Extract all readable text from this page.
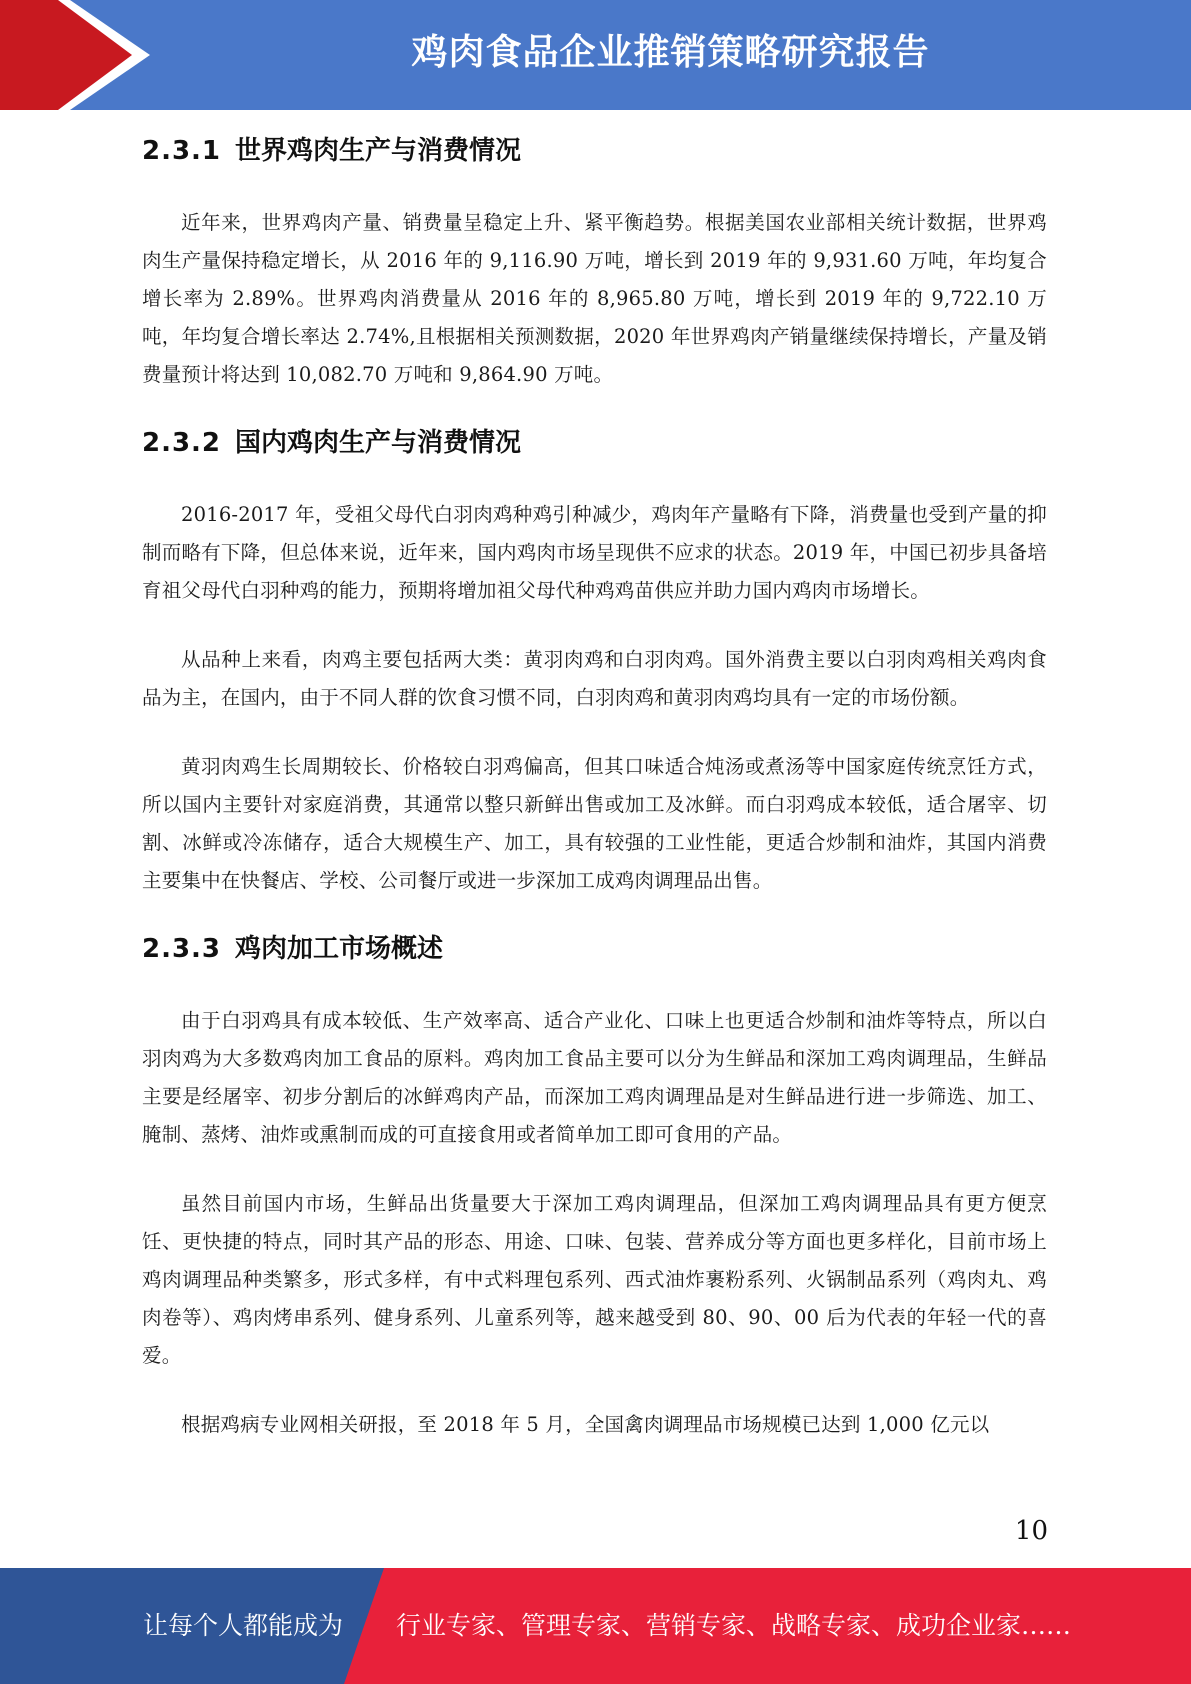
鸡肉食品企业推销策略研究报告
2.3.1 世界鸡肉生产与消费情况

近年来，世界鸡肉产量、销费量呈稳定上升、紧平衡趋势。根据美国农业部相关统计数据，世界鸡肉生产量保持稳定增长，从 2016 年的 9,116.90 万吨，增长到 2019 年的 9,931.60 万吨，年均复合增长率为 2.89%。世界鸡肉消费量从 2016 年的 8,965.80 万吨，增长到 2019 年的 9,722.10 万吨，年均复合增长率达 2.74%,且根据相关预测数据，2020 年世界鸡肉产销量继续保持增长，产量及销费量预计将达到 10,082.70 万吨和 9,864.90 万吨。

2.3.2 国内鸡肉生产与消费情况

2016-2017 年，受祖父母代白羽肉鸡种鸡引种减少，鸡肉年产量略有下降，消费量也受到产量的抑制而略有下降，但总体来说，近年来，国内鸡肉市场呈现供不应求的状态。2019 年，中国已初步具备培育祖父母代白羽种鸡的能力，预期将增加祖父母代种鸡鸡苗供应并助力国内鸡肉市场增长。

从品种上来看，肉鸡主要包括两大类：黄羽肉鸡和白羽肉鸡。国外消费主要以白羽肉鸡相关鸡肉食品为主，在国内，由于不同人群的饮食习惯不同，白羽肉鸡和黄羽肉鸡均具有一定的市场份额。

黄羽肉鸡生长周期较长、价格较白羽鸡偏高，但其口味适合炖汤或煮汤等中国家庭传统烹饪方式，所以国内主要针对家庭消费，其通常以整只新鲜出售或加工及冰鲜。而白羽鸡成本较低，适合屠宰、切割、冰鲜或冷冻储存，适合大规模生产、加工，具有较强的工业性能，更适合炒制和油炸，其国内消费主要集中在快餐店、学校、公司餐厅或进一步深加工成鸡肉调理品出售。

2.3.3 鸡肉加工市场概述

由于白羽鸡具有成本较低、生产效率高、适合产业化、口味上也更适合炒制和油炸等特点，所以白羽肉鸡为大多数鸡肉加工食品的原料。鸡肉加工食品主要可以分为生鲜品和深加工鸡肉调理品，生鲜品主要是经屠宰、初步分割后的冰鲜鸡肉产品，而深加工鸡肉调理品是对生鲜品进行进一步筛选、加工、腌制、蒸烤、油炸或熏制而成的可直接食用或者简单加工即可食用的产品。

虽然目前国内市场，生鲜品出货量要大于深加工鸡肉调理品，但深加工鸡肉调理品具有更方便烹饪、更快捷的特点，同时其产品的形态、用途、口味、包装、营养成分等方面也更多样化，目前市场上鸡肉调理品种类繁多，形式多样，有中式料理包系列、西式油炸裹粉系列、火锅制品系列（鸡肉丸、鸡肉卷等）、鸡肉烤串系列、健身系列、儿童系列等，越来越受到 80、90、00 后为代表的年轻一代的喜爱。

根据鸡病专业网相关研报，至 2018 年 5 月，全国禽肉调理品市场规模已达到 1,000 亿元以

10
让每个人都能成为 行业专家、管理专家、营销专家、战略专家、成功企业家……
